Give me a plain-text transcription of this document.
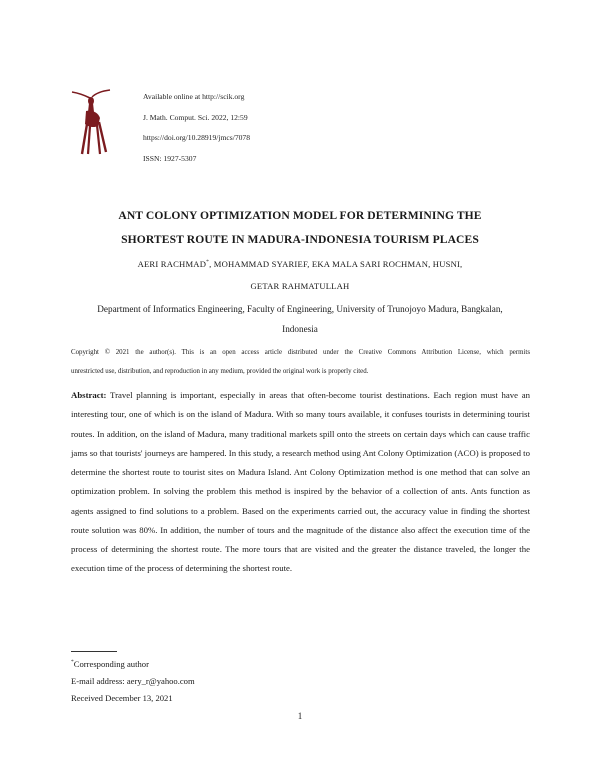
Available online at http://scik.org
J. Math. Comput. Sci. 2022, 12:59
https://doi.org/10.28919/jmcs/7078
ISSN: 1927-5307
ANT COLONY OPTIMIZATION MODEL FOR DETERMINING THE
SHORTEST ROUTE IN MADURA-INDONESIA TOURISM PLACES
AERI RACHMAD*, MOHAMMAD SYARIEF, EKA MALA SARI ROCHMAN, HUSNI,
GETAR RAHMATULLAH
Department of Informatics Engineering, Faculty of Engineering, University of Trunojoyo Madura, Bangkalan,
Indonesia
Copyright © 2021 the author(s). This is an open access article distributed under the Creative Commons Attribution License, which permits
unrestricted use, distribution, and reproduction in any medium, provided the original work is properly cited.
Abstract: Travel planning is important, especially in areas that often-become tourist destinations. Each region must have an interesting tour, one of which is on the island of Madura. With so many tours available, it confuses tourists in determining tourist routes. In addition, on the island of Madura, many traditional markets spill onto the streets on certain days which can cause traffic jams so that tourists' journeys are hampered. In this study, a research method using Ant Colony Optimization (ACO) is proposed to determine the shortest route to tourist sites on Madura Island. Ant Colony Optimization method is one method that can solve an optimization problem. In solving the problem this method is inspired by the behavior of a collection of ants. Ants function as agents assigned to find solutions to a problem. Based on the experiments carried out, the accuracy value in finding the shortest route solution was 80%. In addition, the number of tours and the magnitude of the distance also affect the execution time of the process of determining the shortest route. The more tours that are visited and the greater the distance traveled, the longer the execution time of the process of determining the shortest route.
*Corresponding author
E-mail address: aery_r@yahoo.com
Received December 13, 2021
1
